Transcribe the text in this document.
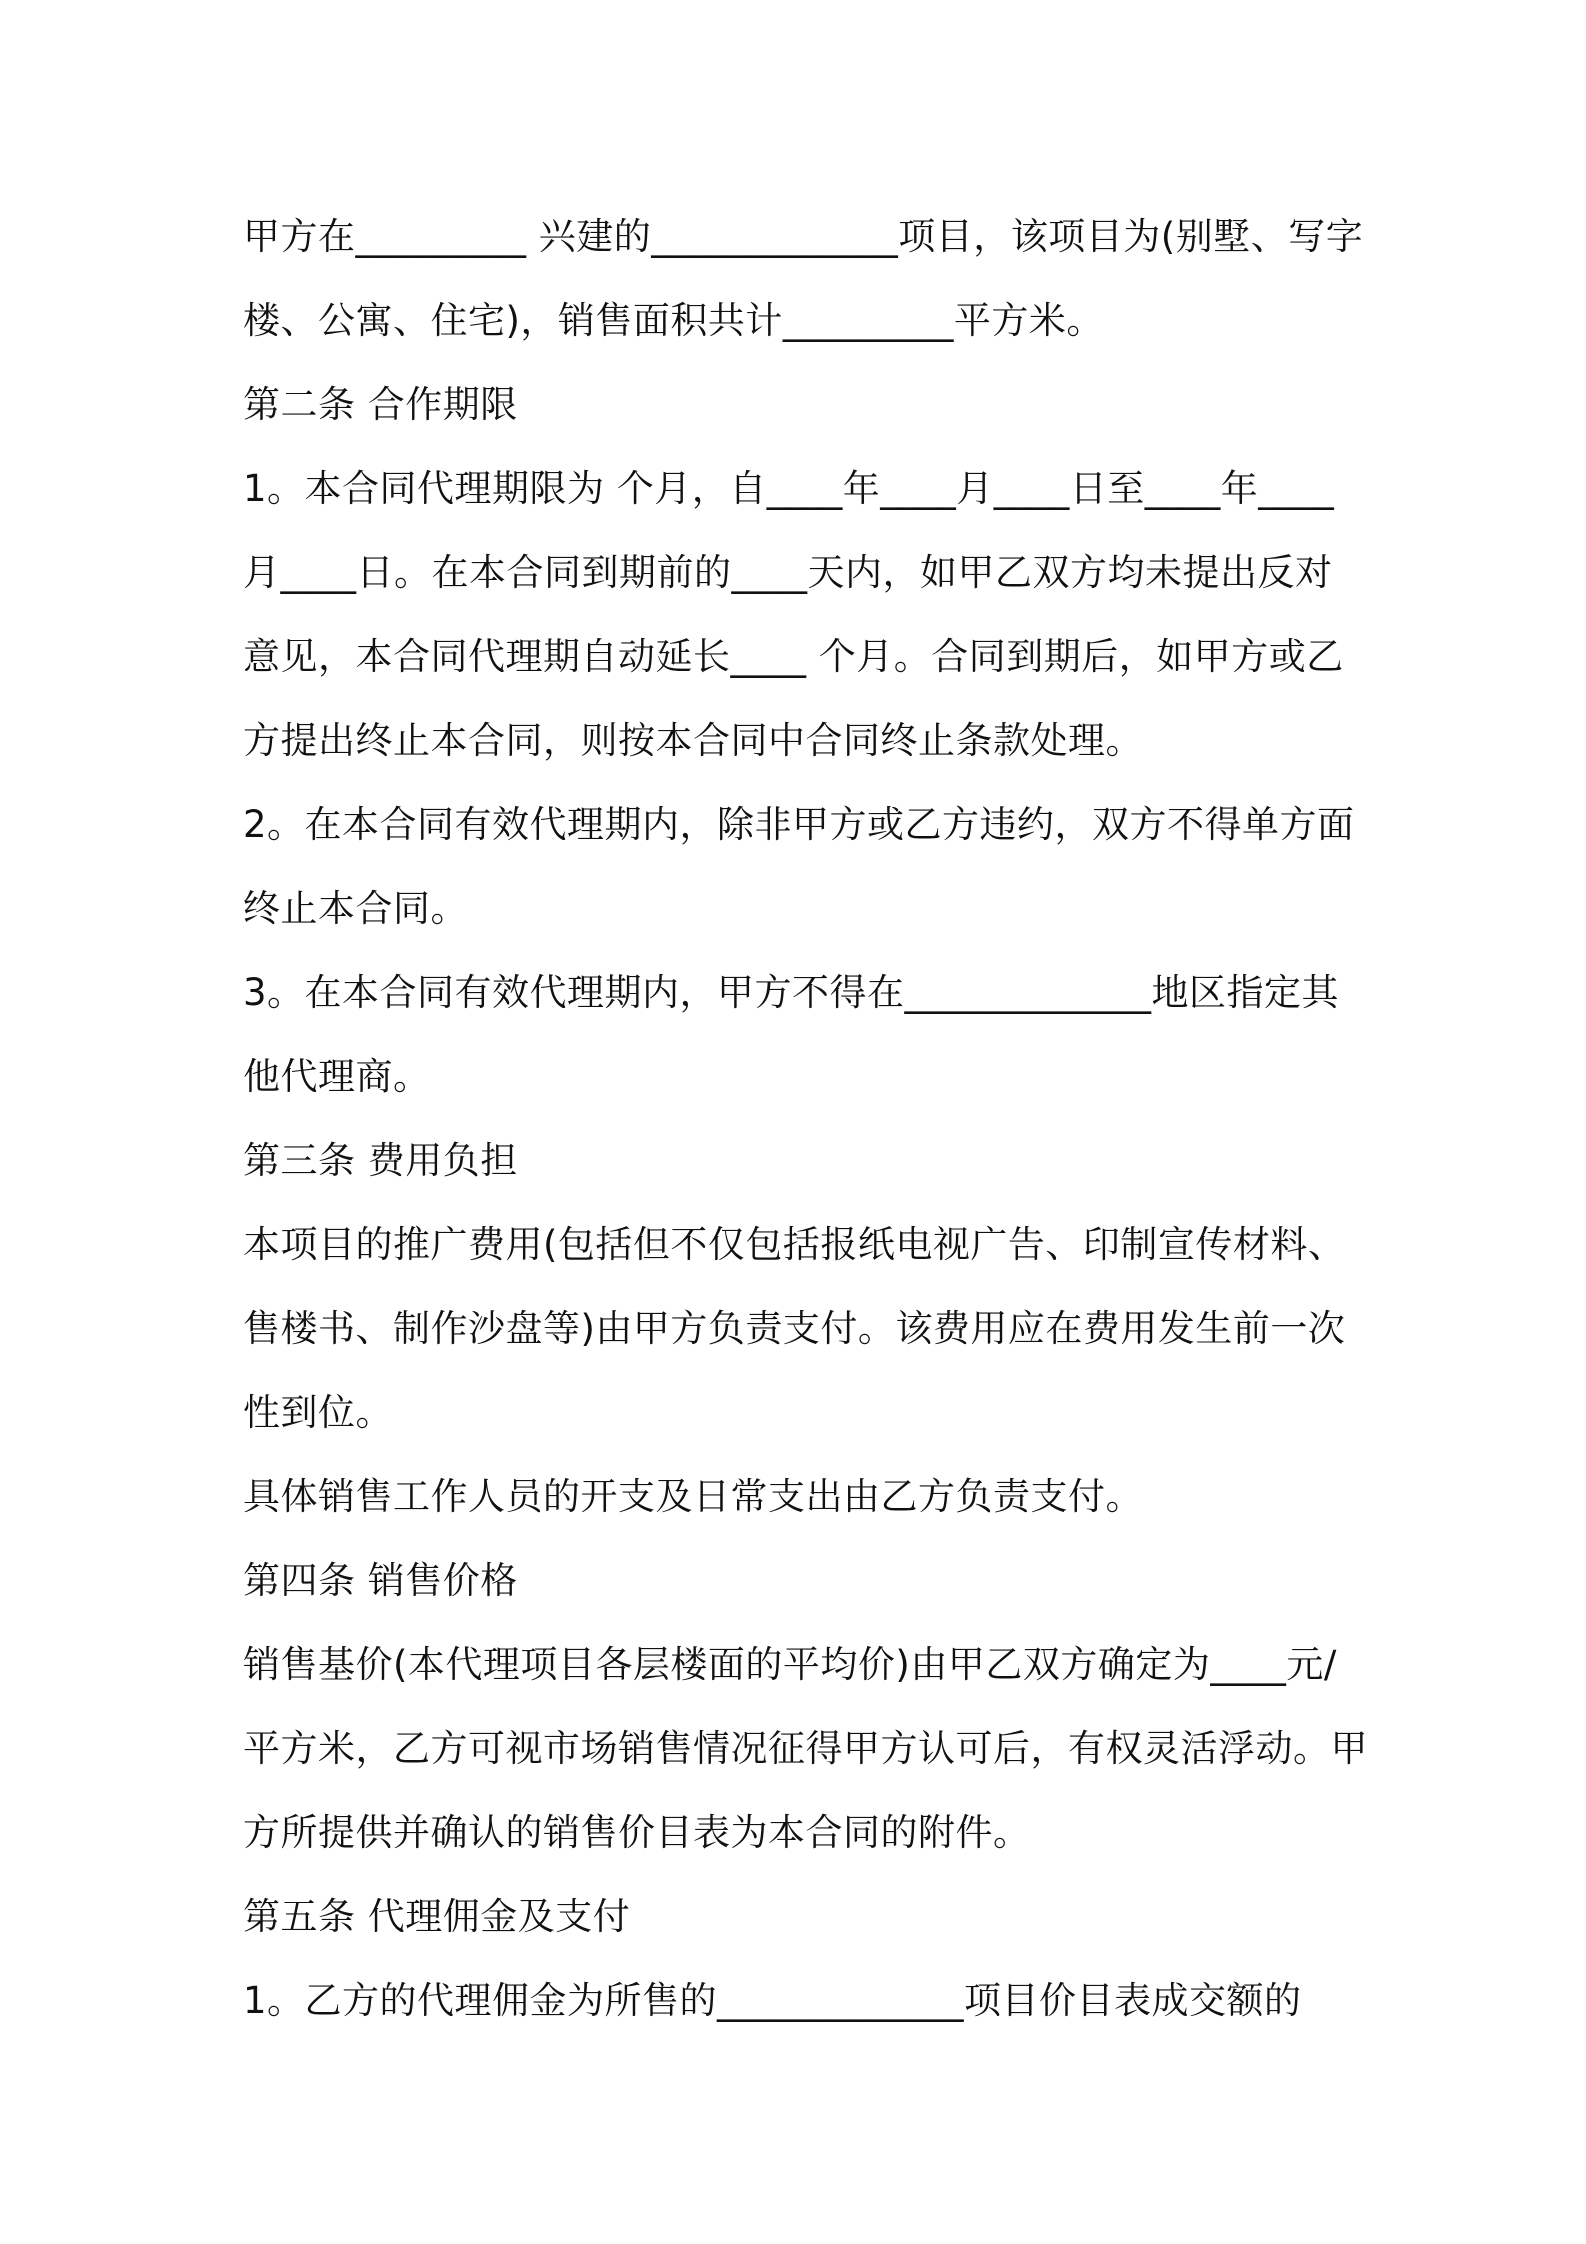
甲方在_________ 兴建的_____________项目，该项目为(别墅、写字
楼、公寓、住宅)，销售面积共计_________平方米。
第二条 合作期限
1。本合同代理期限为 个月，自____年____月____日至____年____
月____日。在本合同到期前的____天内，如甲乙双方均未提出反对
意见，本合同代理期自动延长____ 个月。合同到期后，如甲方或乙
方提出终止本合同，则按本合同中合同终止条款处理。
2。在本合同有效代理期内，除非甲方或乙方违约，双方不得单方面
终止本合同。
3。在本合同有效代理期内，甲方不得在_____________地区指定其
他代理商。
第三条 费用负担
本项目的推广费用(包括但不仅包括报纸电视广告、印制宣传材料、
售楼书、制作沙盘等)由甲方负责支付。该费用应在费用发生前一次
性到位。
具体销售工作人员的开支及日常支出由乙方负责支付。
第四条 销售价格
销售基价(本代理项目各层楼面的平均价)由甲乙双方确定为____元/
平方米，乙方可视市场销售情况征得甲方认可后，有权灵活浮动。甲
方所提供并确认的销售价目表为本合同的附件。
第五条 代理佣金及支付
1。乙方的代理佣金为所售的_____________项目价目表成交额的
